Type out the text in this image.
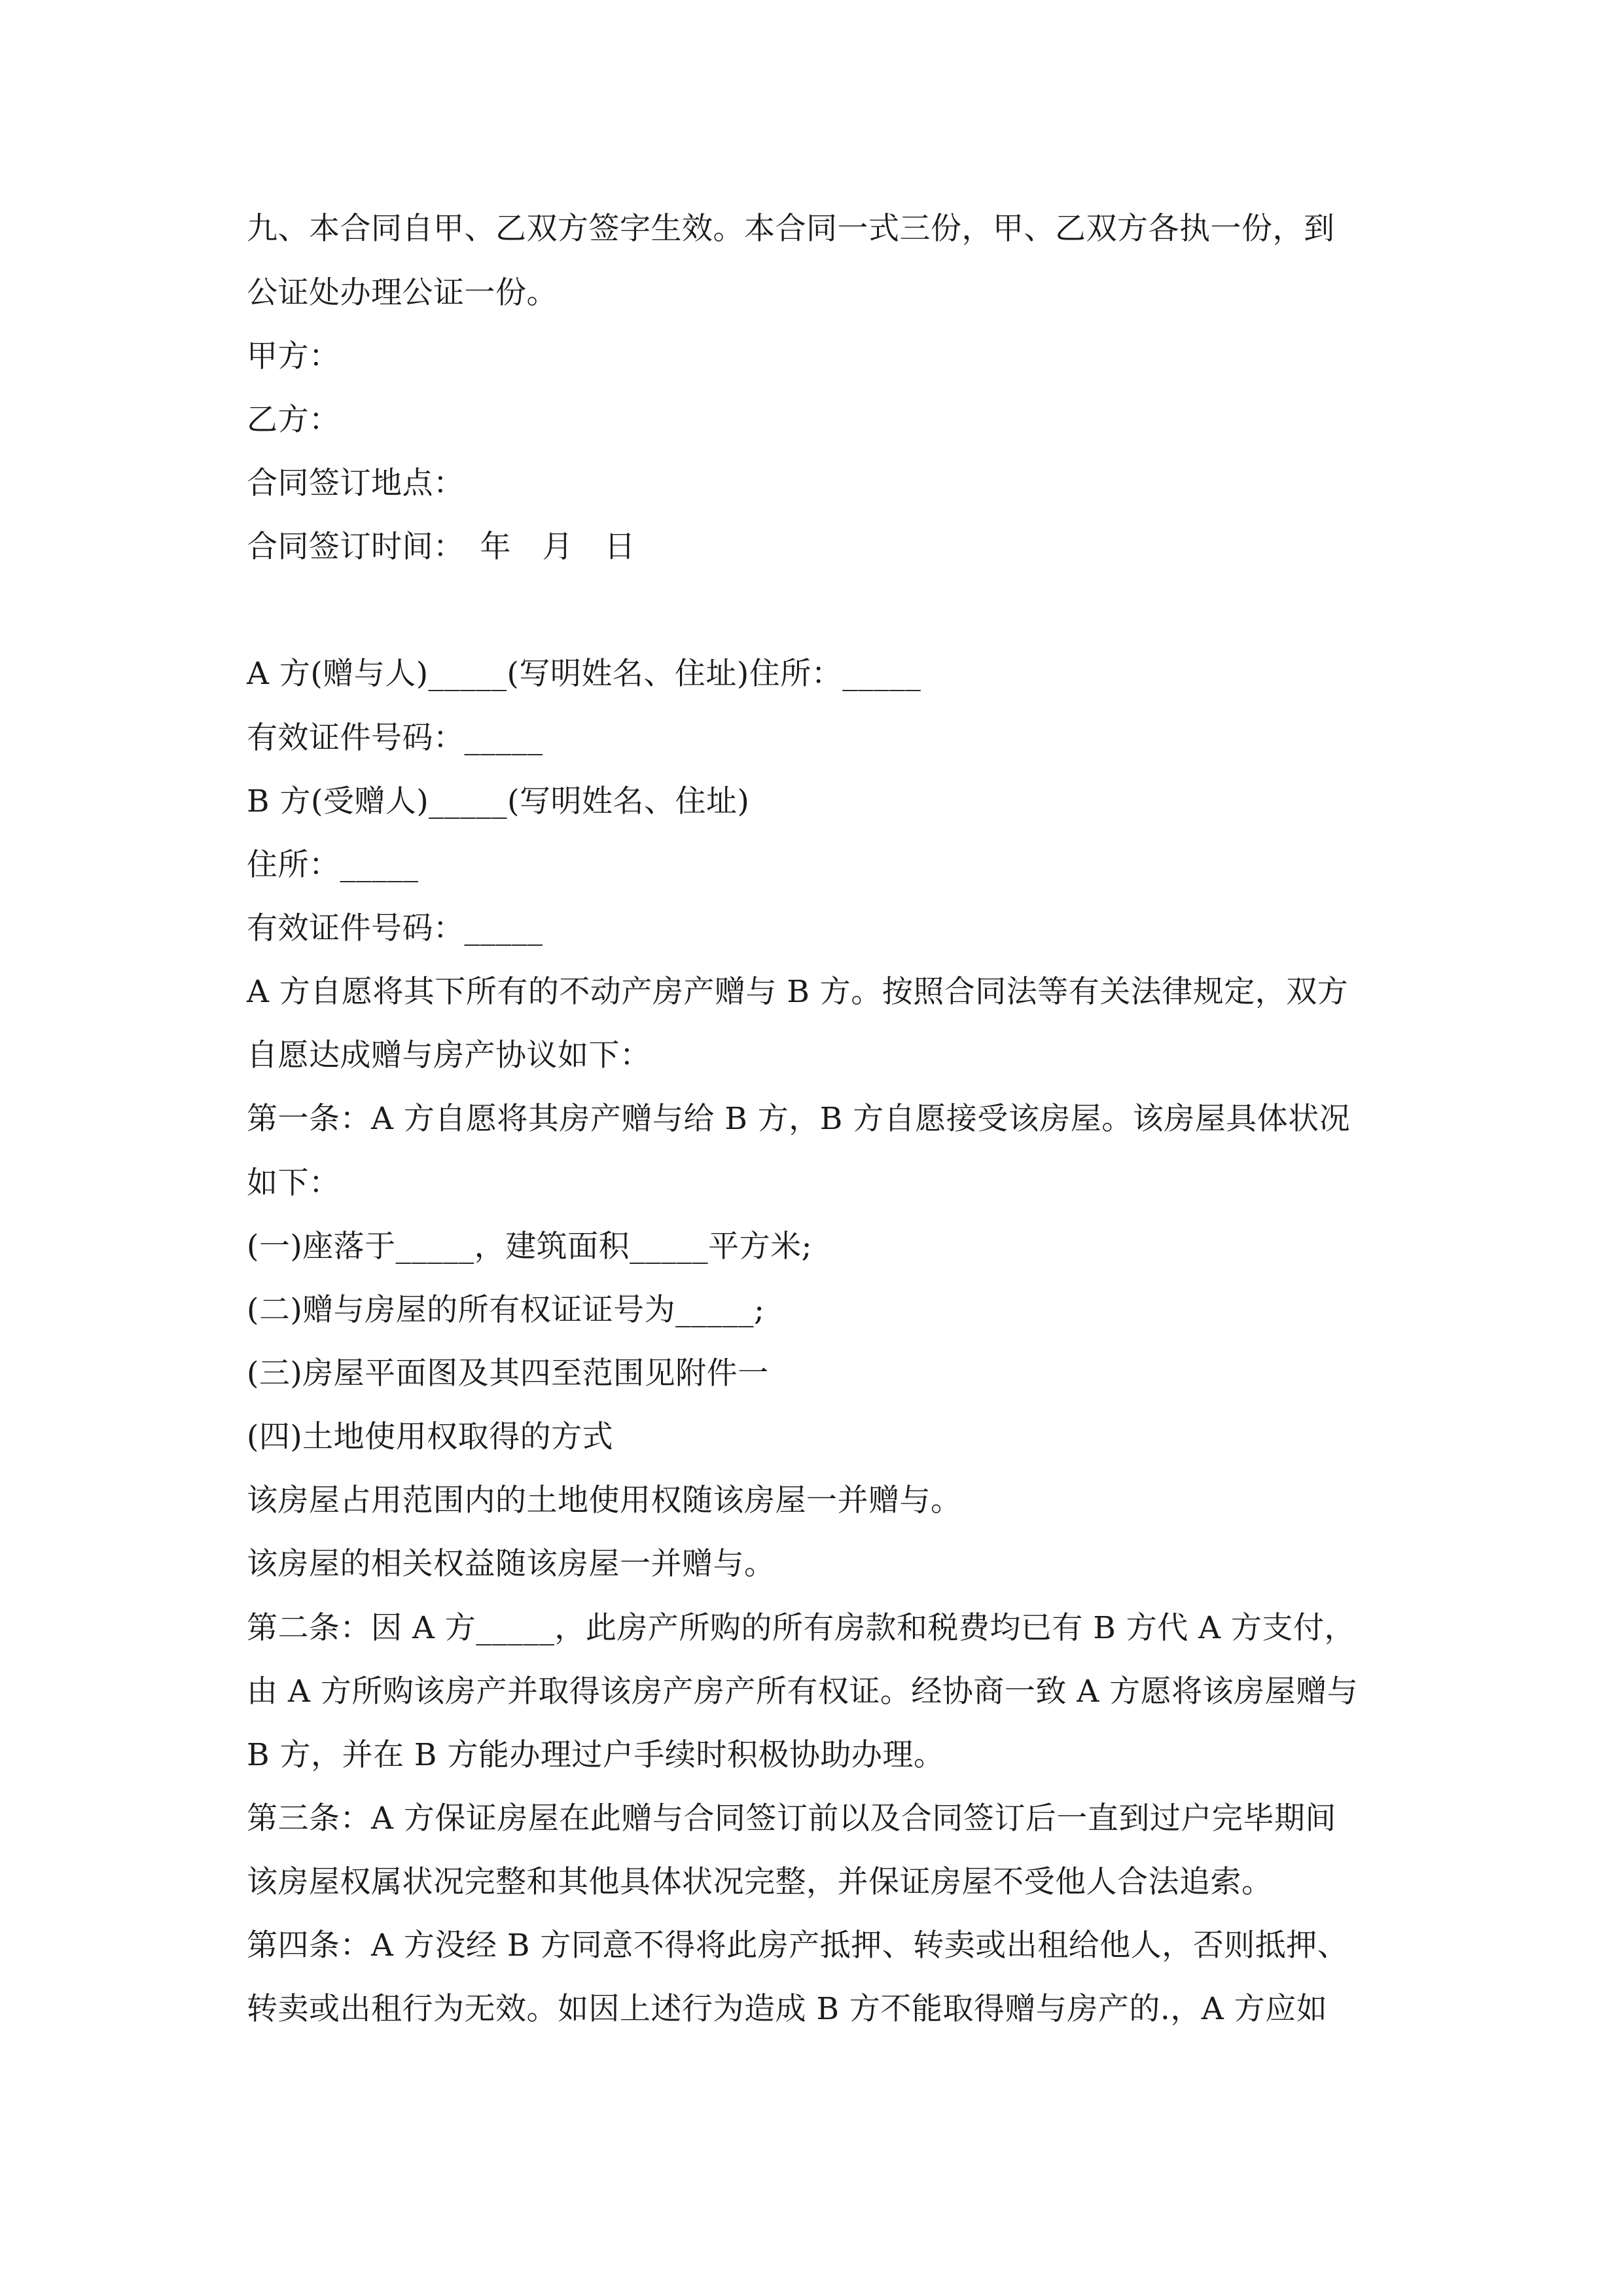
九、本合同自甲、乙双方签字生效。本合同一式三份，甲、乙双方各执一份，到

公证处办理公证一份。

甲方：

乙方：

合同签订地点：

合同签订时间：　年　月　日

A 方(赠与人)_____(写明姓名、住址)住所：_____

有效证件号码：_____

B 方(受赠人)_____(写明姓名、住址)

住所：_____

有效证件号码：_____

A 方自愿将其下所有的不动产房产赠与 B 方。按照合同法等有关法律规定，双方

自愿达成赠与房产协议如下：

第一条：A 方自愿将其房产赠与给 B 方，B 方自愿接受该房屋。该房屋具体状况

如下：

(一)座落于_____，建筑面积_____平方米;

(二)赠与房屋的所有权证证号为_____;

(三)房屋平面图及其四至范围见附件一

(四)土地使用权取得的方式

该房屋占用范围内的土地使用权随该房屋一并赠与。

该房屋的相关权益随该房屋一并赠与。

第二条：因 A 方_____，此房产所购的所有房款和税费均已有 B 方代 A 方支付，

由 A 方所购该房产并取得该房产房产所有权证。经协商一致 A 方愿将该房屋赠与

B 方，并在 B 方能办理过户手续时积极协助办理。

第三条：A 方保证房屋在此赠与合同签订前以及合同签订后一直到过户完毕期间

该房屋权属状况完整和其他具体状况完整，并保证房屋不受他人合法追索。

第四条：A 方没经 B 方同意不得将此房产抵押、转卖或出租给他人，否则抵押、

转卖或出租行为无效。如因上述行为造成 B 方不能取得赠与房产的.，A 方应如
